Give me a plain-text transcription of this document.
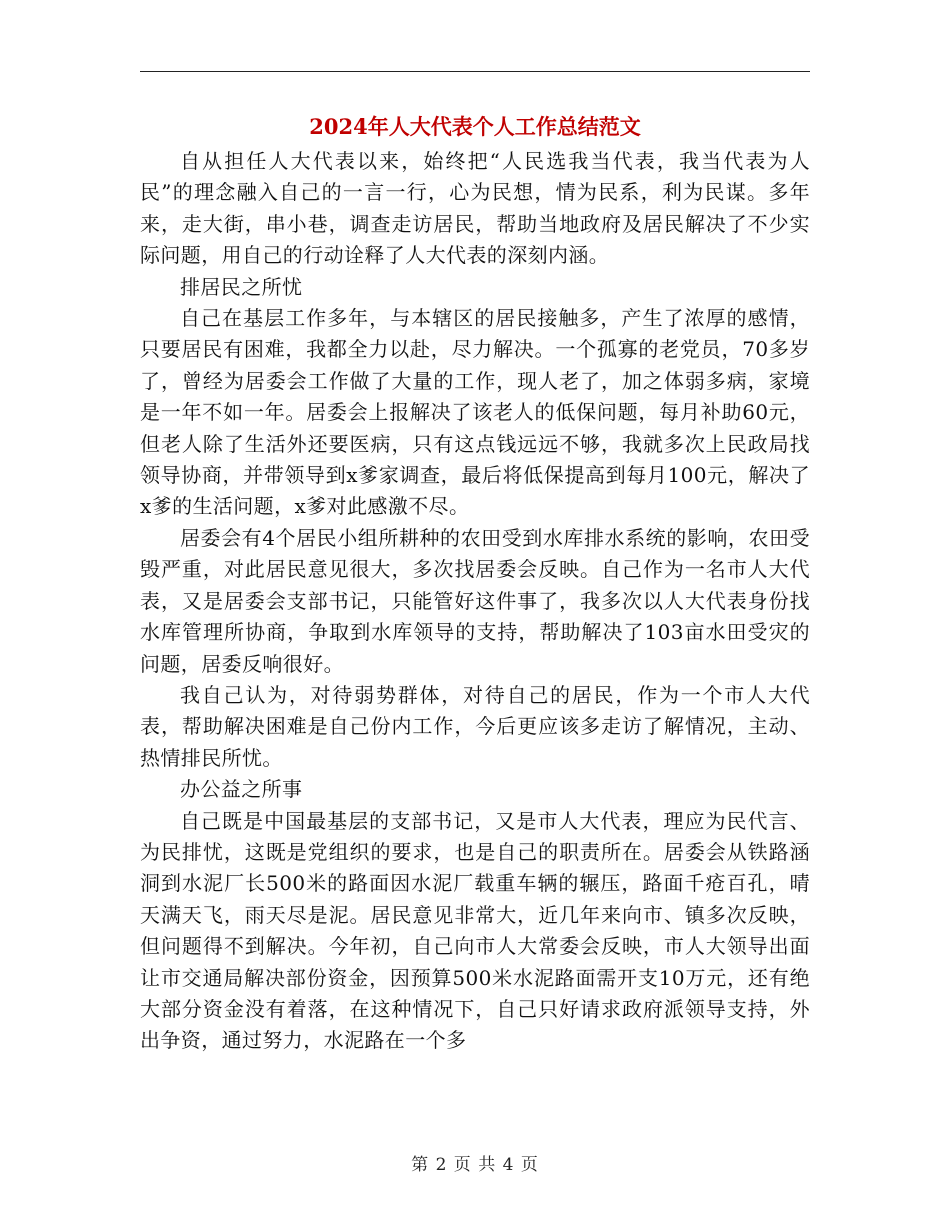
2024年人大代表个人工作总结范文

自从担任人大代表以来，始终把“人民选我当代表，我当代表为人民”的理念融入自己的一言一行，心为民想，情为民系，利为民谋。多年来，走大街，串小巷，调查走访居民，帮助当地政府及居民解决了不少实际问题，用自己的行动诠释了人大代表的深刻内涵。

排居民之所忧

自己在基层工作多年，与本辖区的居民接触多，产生了浓厚的感情，只要居民有困难，我都全力以赴，尽力解决。一个孤寡的老党员，70多岁了，曾经为居委会工作做了大量的工作，现人老了，加之体弱多病，家境是一年不如一年。居委会上报解决了该老人的低保问题，每月补助60元，但老人除了生活外还要医病，只有这点钱远远不够，我就多次上民政局找领导协商，并带领导到x爹家调查，最后将低保提高到每月100元，解决了x爹的生活问题，x爹对此感激不尽。

居委会有4个居民小组所耕种的农田受到水库排水系统的影响，农田受毁严重，对此居民意见很大，多次找居委会反映。自己作为一名市人大代表，又是居委会支部书记，只能管好这件事了，我多次以人大代表身份找水库管理所协商，争取到水库领导的支持，帮助解决了103亩水田受灾的问题，居委反响很好。

我自己认为，对待弱势群体，对待自己的居民，作为一个市人大代表，帮助解决困难是自己份内工作，今后更应该多走访了解情况，主动、热情排民所忧。

办公益之所事

自己既是中国最基层的支部书记，又是市人大代表，理应为民代言、为民排忧，这既是党组织的要求，也是自己的职责所在。居委会从铁路涵洞到水泥厂长500米的路面因水泥厂载重车辆的辗压，路面千疮百孔，晴天满天飞，雨天尽是泥。居民意见非常大，近几年来向市、镇多次反映，但问题得不到解决。今年初，自己向市人大常委会反映，市人大领导出面让市交通局解决部份资金，因预算500米水泥路面需开支10万元，还有绝大部分资金没有着落，在这种情况下，自己只好请求政府派领导支持，外出争资，通过努力，水泥路在一个多

第 2 页 共 4 页
